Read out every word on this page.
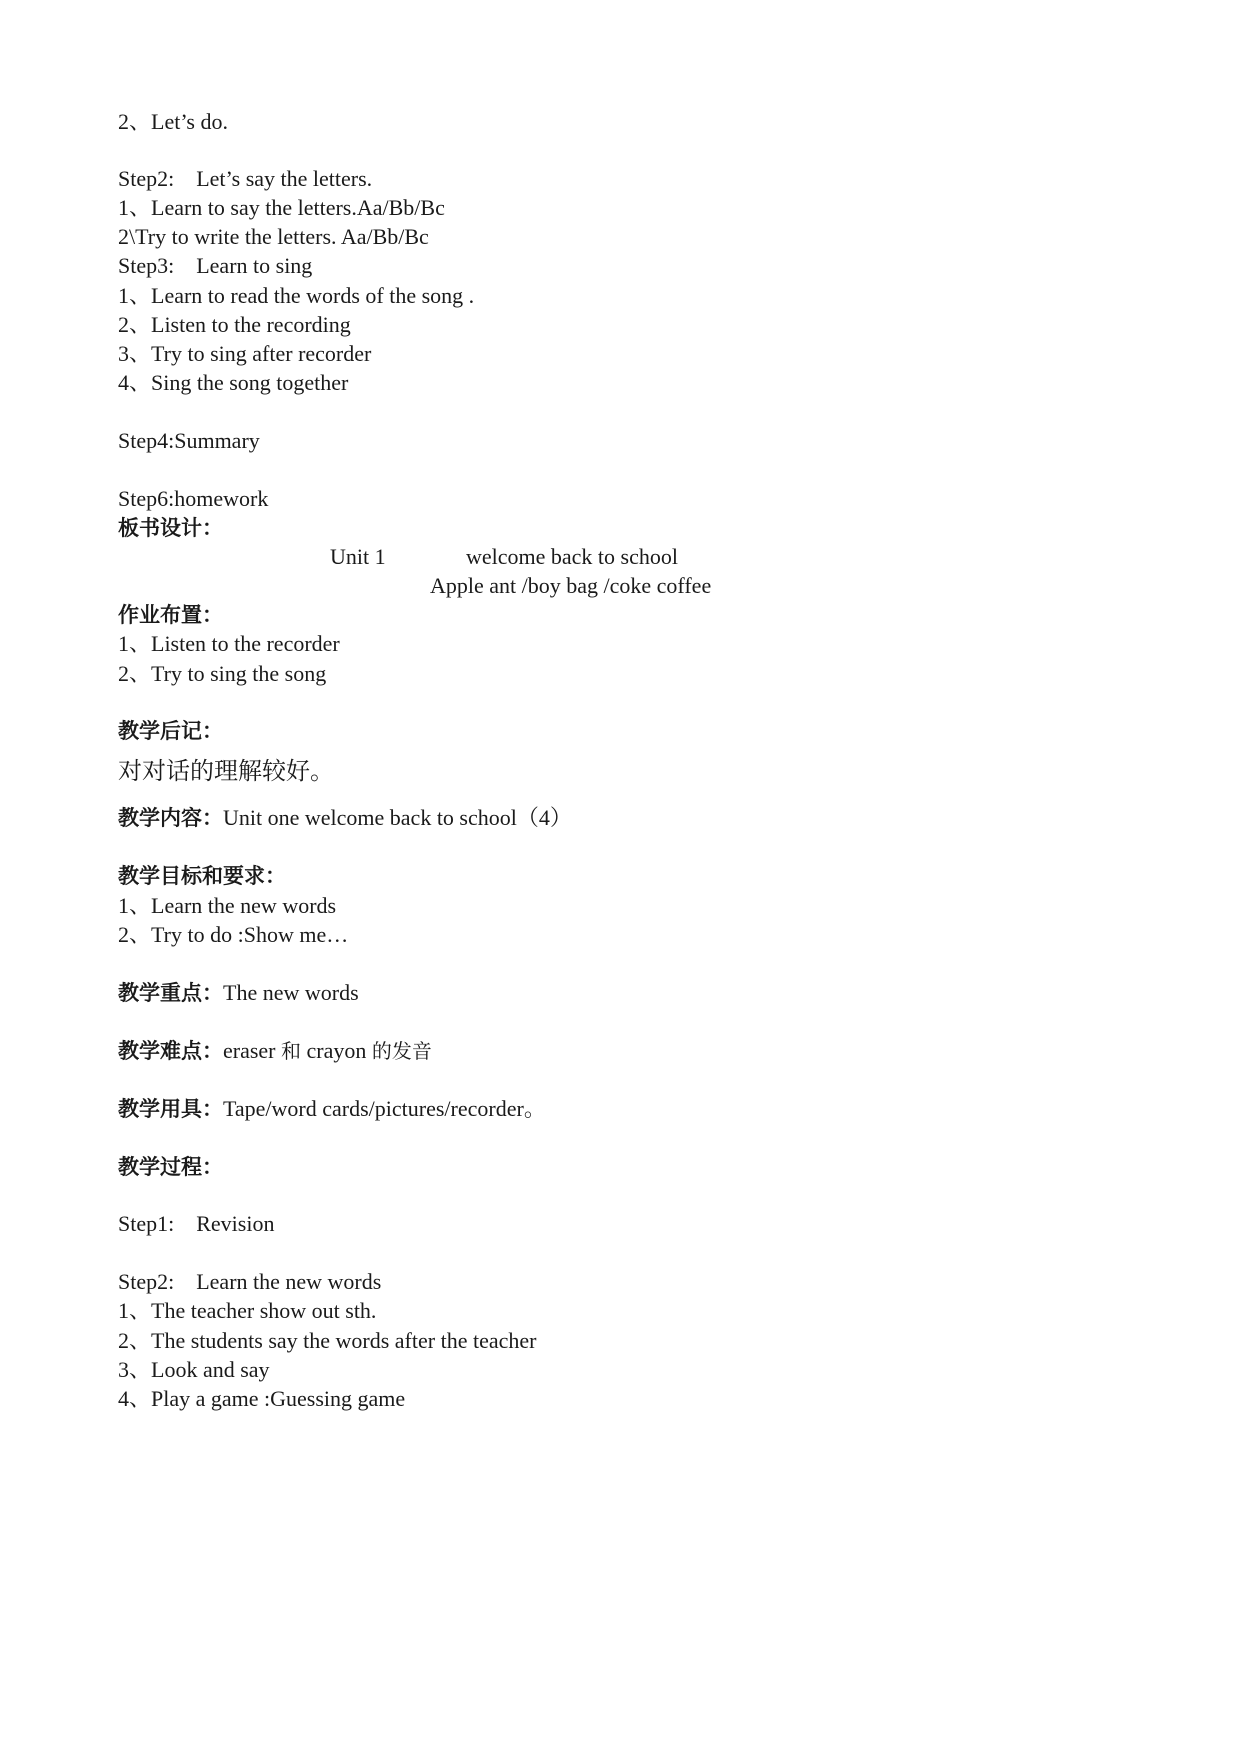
2、Let’s do.
Step2:    Let’s say the letters.
1、Learn to say the letters.Aa/Bb/Bc
2\Try to write the letters. Aa/Bb/Bc
Step3:    Learn to sing
1、Learn to read the words of the song .
2、Listen to the recording
3、Try to sing after recorder
4、Sing the song together
Step4:Summary
Step6:homework
板书设计：
Unit 1	welcome back to school
Apple ant /boy bag /coke coffee
作业布置：
1、Listen to the recorder
2、Try to sing the song
教学后记：
对对话的理解较好。
教学内容：Unit one welcome back to school（4）
教学目标和要求：
1、Learn the new words
2、Try to do :Show me…
教学重点：The new words
教学难点：eraser 和 crayon 的发音
教学用具：Tape/word cards/pictures/recorder。
教学过程：
Step1:    Revision
Step2:    Learn the new words
1、The teacher show out sth.
2、The students say the words after the teacher
3、Look and say
4、Play a game :Guessing game
